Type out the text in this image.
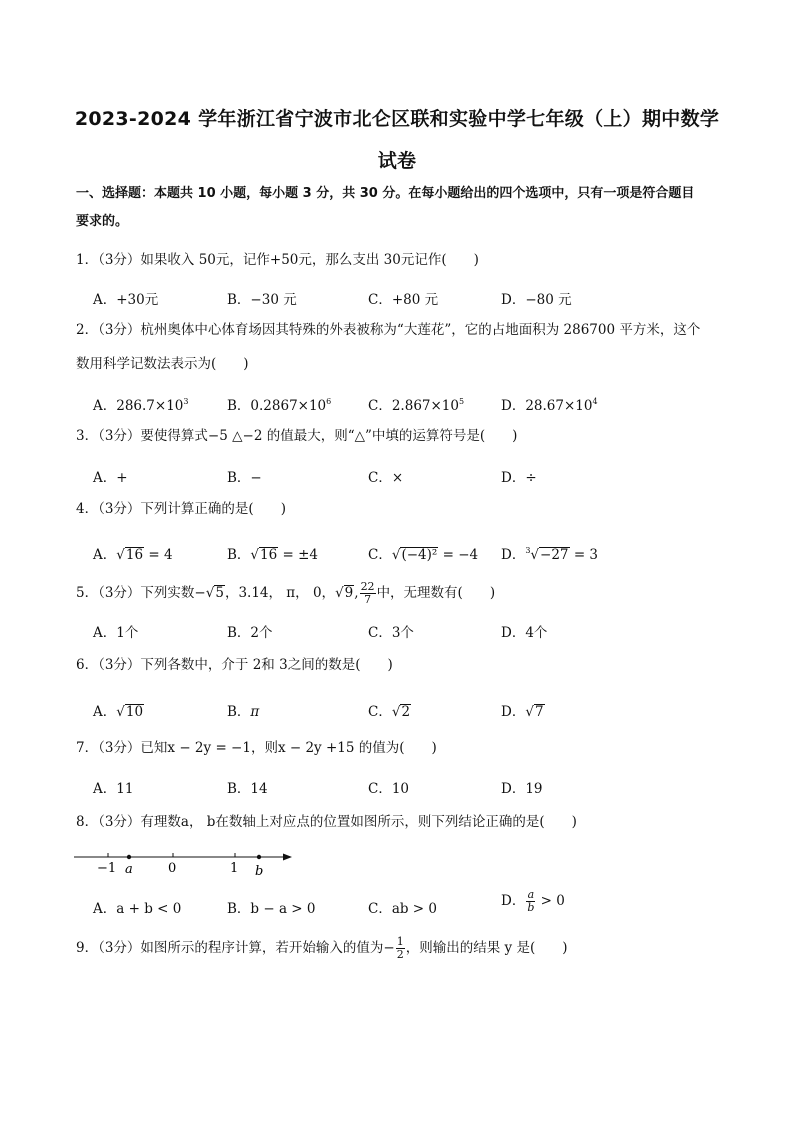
2023-2024 学年浙江省宁波市北仑区联和实验中学七年级（上）期中数学
试卷
一、选择题：本题共 10 小题，每小题 3 分，共 30 分。在每小题给出的四个选项中，只有一项是符合题目
要求的。
1．（3分）如果收入 50元，记作+50元，那么支出 30元记作(　　)
A．+30元	B．−30 元	C．+80 元	D．−80 元
2．（3分）杭州奥体中心体育场因其特殊的外表被称为“大莲花”，它的占地面积为 286700 平方米，这个
数用科学记数法表示为(　　)
A．$286.7\times 10^3$	B．$0.2867\times 10^6$	C．$2.867\times 10^5$	D．$28.67\times 10^4$
3．（3分）要使得算式−5 △−2 的值最大，则“△”中填的运算符号是(　　)
A．+	B．−	C．×	D．÷
4．（3分）下列计算正确的是(　　)
A．√16 = 4	B．√16 = ±4	C．√(−4)² = −4 D．$^3$√−27 = 3
5．（3分）下列实数−√5，3.14， π， 0，√9, $\frac{22}{7}$ 中，无理数有(　　)
A．1个	B．2个	C．3个	D．4个
6．（3分）下列各数中，介于 2和 3之间的数是(　　)
A．√10	B．π	C．√2	D．√7
7．（3分）已知x − 2y = −1，则x − 2y +15 的值为(　　)
A．11	B．14	C．10	D．19
8．（3分）有理数a， b在数轴上对应点的位置如图所示，则下列结论正确的是(　　)
−1	0	1
a	b
A．a + b < 0	B．b − a > 0	C．ab > 0	D． $\frac{a}{b} > 0$
9．（3分）如图所示的程序计算，若开始输入的值为− $\frac{1}{2}$ ，则输出的结果 y 是(　　)
